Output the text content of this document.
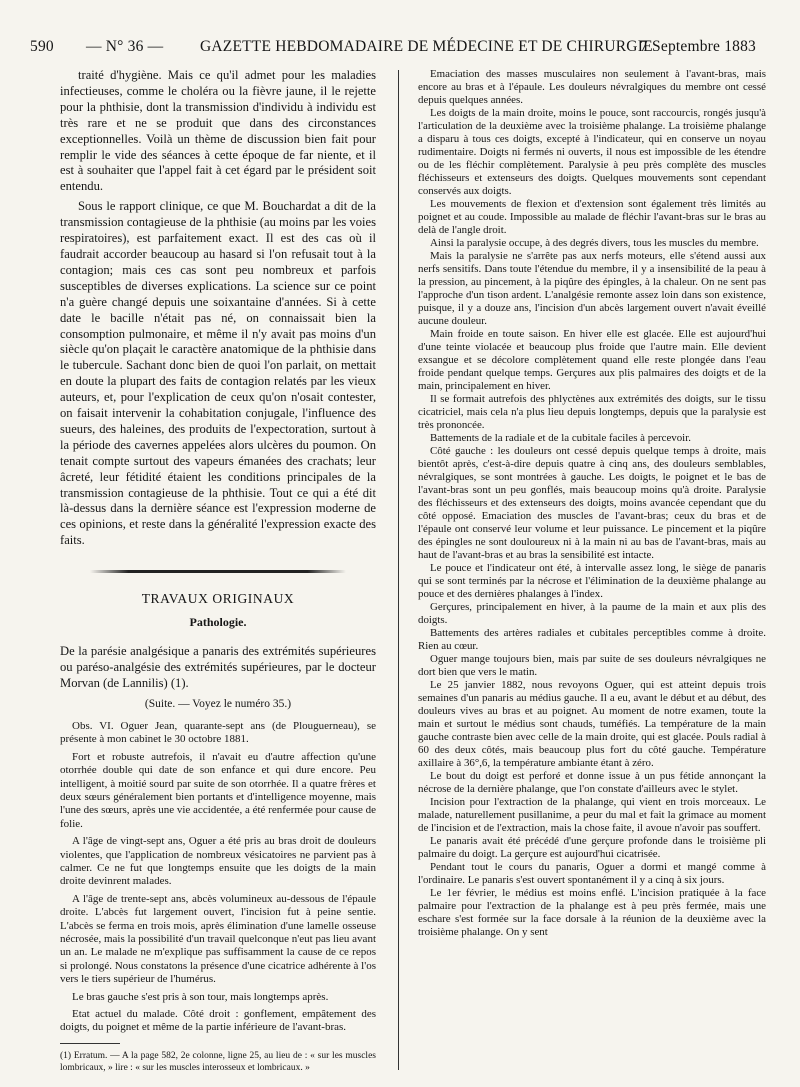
590 — N° 36 — GAZETTE HEBDOMADAIRE DE MÉDECINE ET DE CHIRURGIE
7 Septembre 1883

traité d'hygiène. Mais ce qu'il admet pour les maladies infectieuses, comme le choléra ou la fièvre jaune, il le rejette pour la phthisie, dont la transmission d'individu à individu est très rare et ne se produit que dans des circonstances exceptionnelles. Voilà un thème de discussion bien fait pour remplir le vide des séances à cette époque de far niente, et il est à souhaiter que l'appel fait à cet égard par le président soit entendu.

Sous le rapport clinique, ce que M. Bouchardat a dit de la transmission contagieuse de la phthisie (au moins par les voies respiratoires), est parfaitement exact. Il est des cas où il faudrait accorder beaucoup au hasard si l'on refusait tout à la contagion; mais ces cas sont peu nombreux et parfois susceptibles de diverses explications. La science sur ce point n'a guère changé depuis une soixantaine d'années. Si à cette date le bacille n'était pas né, on connaissait bien la consomption pulmonaire, et même il n'y avait pas moins d'un siècle qu'on plaçait le caractère anatomique de la phthisie dans le tubercule. Sachant donc bien de quoi l'on parlait, on mettait en doute la plupart des faits de contagion relatés par les vieux auteurs, et, pour l'explication de ceux qu'on n'osait contester, on faisait intervenir la cohabitation conjugale, l'influence des sueurs, des haleines, des produits de l'expectoration, surtout à la période des cavernes appelées alors ulcères du poumon. On tenait compte surtout des vapeurs émanées des crachats; leur âcreté, leur fétidité étaient les conditions principales de la transmission contagieuse de la phthisie. Tout ce qui a été dit là-dessus dans la dernière séance est l'expression moderne de ces opinions, et reste dans la généralité l'expression exacte des faits.

TRAVAUX ORIGINAUX
Pathologie.

De la parésie analgésique a panaris des extrémités supérieures ou paréso-analgésie des extrémités supérieures, par le docteur Morvan (de Lannilis) (1).

(Suite. — Voyez le numéro 35.)

Obs. VI. Oguer Jean, quarante-sept ans (de Plouguerneau), se présente à mon cabinet le 30 octobre 1881.

Fort et robuste autrefois, il n'avait eu d'autre affection qu'une otorrhée double qui date de son enfance et qui dure encore. Peu intelligent, à moitié sourd par suite de son otorrhée. Il a quatre frères et deux sœurs généralement bien portants et d'intelligence moyenne, mais l'une des sœurs, après une vie accidentée, a été renfermée pour cause de folie.

A l'âge de vingt-sept ans, Oguer a été pris au bras droit de douleurs violentes, que l'application de nombreux vésicatoires ne parvient pas à calmer. Ce ne fut que longtemps ensuite que les doigts de la main droite devinrent malades.

A l'âge de trente-sept ans, abcès volumineux au-dessous de l'épaule droite. L'abcès fut largement ouvert, l'incision fut à peine sentie. L'abcès se ferma en trois mois, après élimination d'une lamelle osseuse nécrosée, mais la possibilité d'un travail quelconque n'eut pas lieu avant un an. Le malade ne m'explique pas suffisamment la cause de ce repos si prolongé. Nous constatons la présence d'une cicatrice adhérente à l'os vers le tiers supérieur de l'humérus.

Le bras gauche s'est pris à son tour, mais longtemps après.

Etat actuel du malade. Côté droit : gonflement, empâtement des doigts, du poignet et même de la partie inférieure de l'avant-bras.

(1) Erratum. — A la page 582, 2e colonne, ligne 25, au lieu de : « sur les muscles lombricaux, » lire : « sur les muscles interosseux et lombricaux. »

Emaciation des masses musculaires non seulement à l'avant-bras, mais encore au bras et à l'épaule. Les douleurs névralgiques du membre ont cessé depuis quelques années.

Les doigts de la main droite, moins le pouce, sont raccourcis, rongés jusqu'à l'articulation de la deuxième avec la troisième phalange. La troisième phalange a disparu à tous ces doigts, excepté à l'indicateur, qui en conserve un noyau rudimentaire. Doigts ni fermés ni ouverts, il nous est impossible de les étendre ou de les fléchir complètement. Paralysie à peu près complète des muscles fléchisseurs et extenseurs des doigts. Quelques mouvements sont cependant conservés aux doigts.

Les mouvements de flexion et d'extension sont également très limités au poignet et au coude. Impossible au malade de fléchir l'avant-bras sur le bras au delà de l'angle droit.

Ainsi la paralysie occupe, à des degrés divers, tous les muscles du membre.

Mais la paralysie ne s'arrête pas aux nerfs moteurs, elle s'étend aussi aux nerfs sensitifs. Dans toute l'étendue du membre, il y a insensibilité de la peau à la pression, au pincement, à la piqûre des épingles, à la chaleur. On ne sent pas l'approche d'un tison ardent. L'analgésie remonte assez loin dans son existence, puisque, il y a douze ans, l'incision d'un abcès largement ouvert n'avait éveillé aucune douleur.

Main froide en toute saison. En hiver elle est glacée. Elle est aujourd'hui d'une teinte violacée et beaucoup plus froide que l'autre main. Elle devient exsangue et se décolore complètement quand elle reste plongée dans l'eau froide pendant quelque temps. Gerçures aux plis palmaires des doigts et de la main, principalement en hiver.

Il se formait autrefois des phlyctènes aux extrémités des doigts, sur le tissu cicatriciel, mais cela n'a plus lieu depuis longtemps, depuis que la paralysie est très prononcée.

Battements de la radiale et de la cubitale faciles à percevoir.

Côté gauche : les douleurs ont cessé depuis quelque temps à droite, mais bientôt après, c'est-à-dire depuis quatre à cinq ans, des douleurs semblables, névralgiques, se sont montrées à gauche. Les doigts, le poignet et le bas de l'avant-bras sont un peu gonflés, mais beaucoup moins qu'à droite. Paralysie des fléchisseurs et des extenseurs des doigts, moins avancée cependant que du côté opposé. Emaciation des muscles de l'avant-bras; ceux du bras et de l'épaule ont conservé leur volume et leur puissance. Le pincement et la piqûre des épingles ne sont douloureux ni à la main ni au bas de l'avant-bras, mais au haut de l'avant-bras et au bras la sensibilité est intacte.

Le pouce et l'indicateur ont été, à intervalle assez long, le siège de panaris qui se sont terminés par la nécrose et l'élimination de la deuxième phalange au pouce et des dernières phalanges à l'index.

Gerçures, principalement en hiver, à la paume de la main et aux plis des doigts.

Battements des artères radiales et cubitales perceptibles comme à droite. Rien au cœur.

Oguer mange toujours bien, mais par suite de ses douleurs névralgiques ne dort bien que vers le matin.

Le 25 janvier 1882, nous revoyons Oguer, qui est atteint depuis trois semaines d'un panaris au médius gauche. Il a eu, avant le début et au début, des douleurs vives au bras et au poignet. Au moment de notre examen, toute la main et surtout le médius sont chauds, tuméfiés. La température de la main gauche contraste bien avec celle de la main droite, qui est glacée. Pouls radial à 60 des deux côtés, mais beaucoup plus fort du côté gauche. Température axillaire à 36°,6, la température ambiante étant à zéro.

Le bout du doigt est perforé et donne issue à un pus fétide annonçant la nécrose de la dernière phalange, que l'on constate d'ailleurs avec le stylet.

Incision pour l'extraction de la phalange, qui vient en trois morceaux. Le malade, naturellement pusillanime, a peur du mal et fait la grimace au moment de l'incision et de l'extraction, mais la chose faite, il avoue n'avoir pas souffert.

Le panaris avait été précédé d'une gerçure profonde dans le troisième pli palmaire du doigt. La gerçure est aujourd'hui cicatrisée.

Pendant tout le cours du panaris, Oguer a dormi et mangé comme à l'ordinaire. Le panaris s'est ouvert spontanément il y a cinq à six jours.

Le 1er février, le médius est moins enflé. L'incision pratiquée à la face palmaire pour l'extraction de la phalange est à peu près fermée, mais une eschare s'est formée sur la face dorsale à la réunion de la deuxième avec la troisième phalange. On y sent
